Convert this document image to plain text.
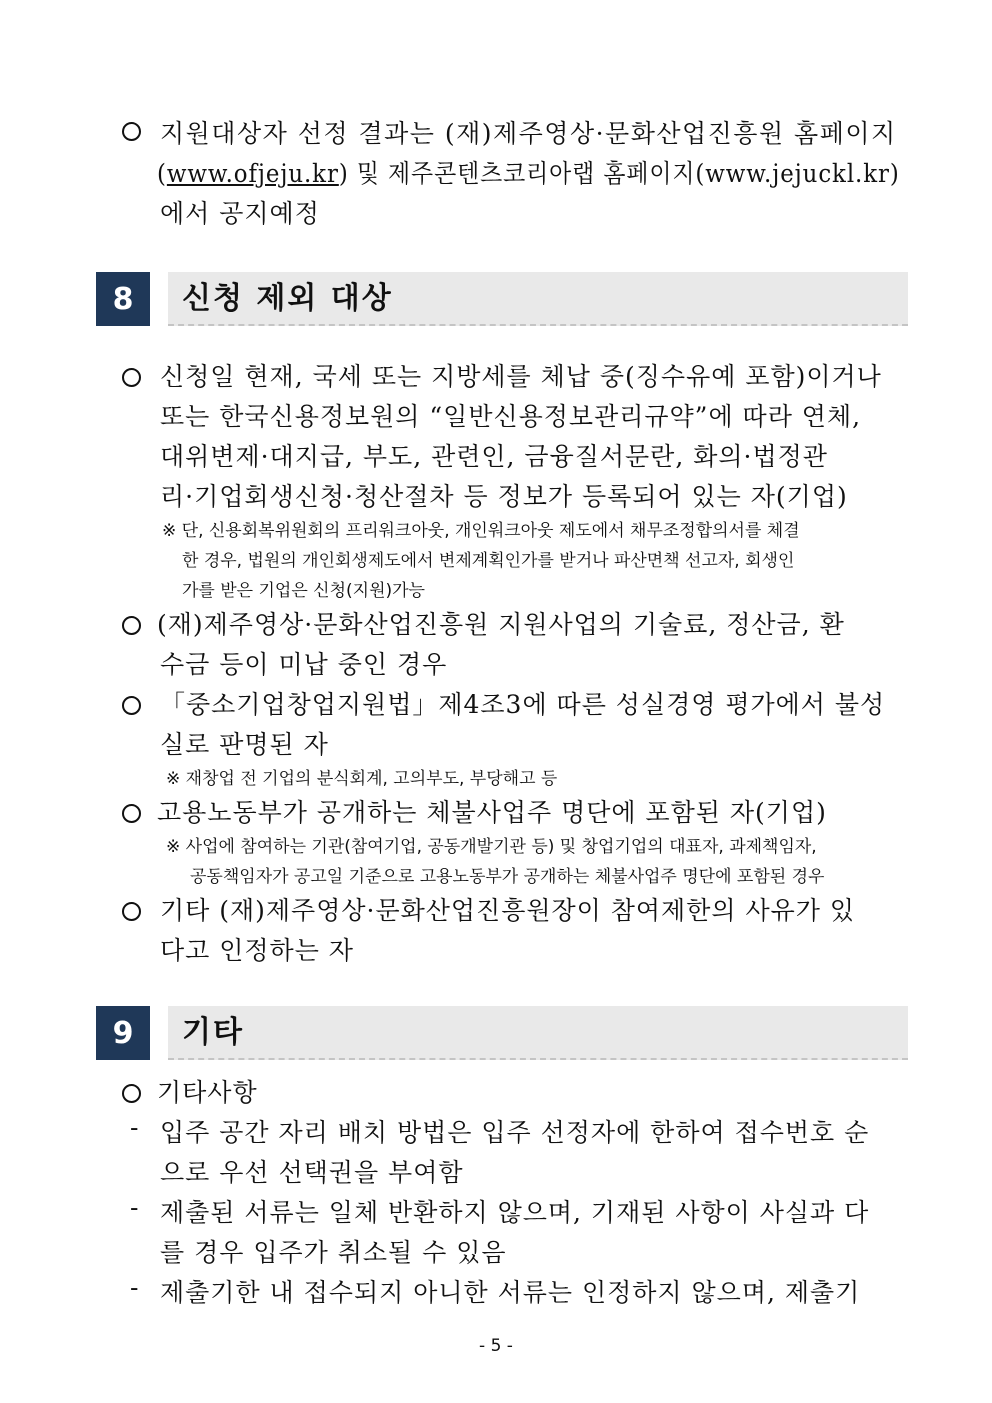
지원대상자 선정 결과는 (재)제주영상·문화산업진흥원 홈페이지
(www.ofjeju.kr) 및 제주콘텐츠코리아랩 홈페이지(www.jejuckl.kr)
에서 공지예정
8	신청 제외 대상
신청일 현재, 국세 또는 지방세를 체납 중(징수유예 포함)이거나
또는 한국신용정보원의 “일반신용정보관리규약”에 따라 연체,
대위변제·대지급, 부도, 관련인, 금융질서문란, 화의·법정관
리·기업회생신청·청산절차 등 정보가 등록되어 있는 자(기업)
※ 단, 신용회복위원회의 프리워크아웃, 개인워크아웃 제도에서 채무조정합의서를 체결
한 경우, 법원의 개인회생제도에서 변제계획인가를 받거나 파산면책 선고자, 회생인
가를 받은 기업은 신청(지원)가능
(재)제주영상·문화산업진흥원 지원사업의 기술료, 정산금, 환
수금 등이 미납 중인 경우
「중소기업창업지원법」제4조3에 따른 성실경영 평가에서 불성
실로 판명된 자
※ 재창업 전 기업의 분식회계, 고의부도, 부당해고 등
고용노동부가 공개하는 체불사업주 명단에 포함된 자(기업)
※ 사업에 참여하는 기관(참여기업, 공동개발기관 등) 및 창업기업의 대표자, 과제책임자,
공동책임자가 공고일 기준으로 고용노동부가 공개하는 체불사업주 명단에 포함된 경우
기타 (재)제주영상·문화산업진흥원장이 참여제한의 사유가 있
다고 인정하는 자
9	기타
기타사항
- 입주 공간 자리 배치 방법은 입주 선정자에 한하여 접수번호 순
으로 우선 선택권을 부여함
- 제출된 서류는 일체 반환하지 않으며, 기재된 사항이 사실과 다
를 경우 입주가 취소될 수 있음
- 제출기한 내 접수되지 아니한 서류는 인정하지 않으며, 제출기
- 5 -
